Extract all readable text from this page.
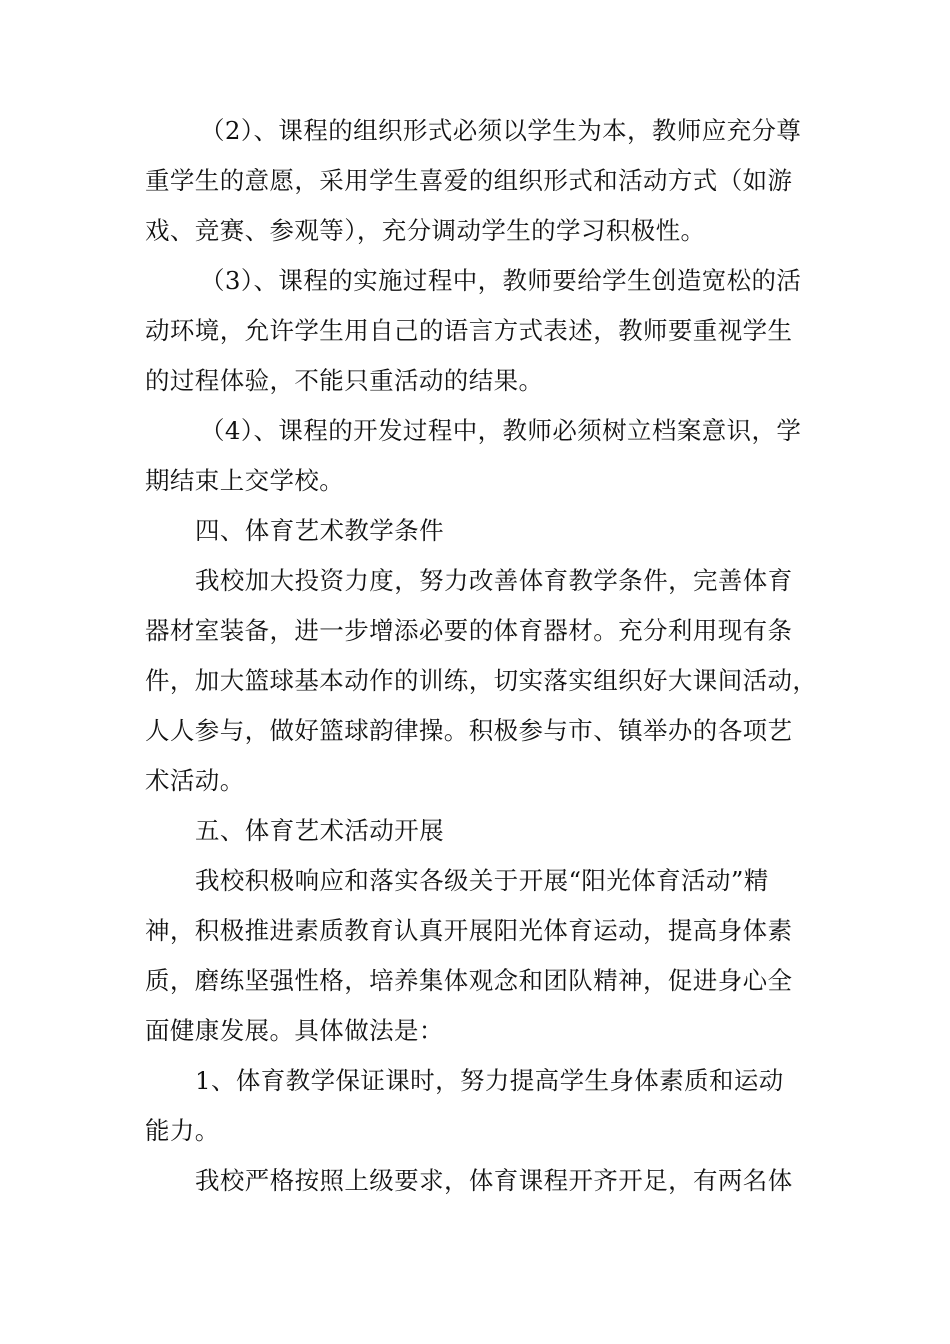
（2）、课程的组织形式必须以学生为本，教师应充分尊
重学生的意愿，采用学生喜爱的组织形式和活动方式（如游
戏、竞赛、参观等），充分调动学生的学习积极性。
（3）、课程的实施过程中，教师要给学生创造宽松的活
动环境，允许学生用自己的语言方式表述，教师要重视学生
的过程体验，不能只重活动的结果。
（4）、课程的开发过程中，教师必须树立档案意识，学
期结束上交学校。
四、体育艺术教学条件
我校加大投资力度，努力改善体育教学条件，完善体育
器材室装备，进一步增添必要的体育器材。充分利用现有条
件，加大篮球基本动作的训练，切实落实组织好大课间活动，
人人参与，做好篮球韵律操。积极参与市、镇举办的各项艺
术活动。
五、体育艺术活动开展
我校积极响应和落实各级关于开展“阳光体育活动”精
神，积极推进素质教育认真开展阳光体育运动，提高身体素
质，磨练坚强性格，培养集体观念和团队精神，促进身心全
面健康发展。具体做法是：
1、体育教学保证课时，努力提高学生身体素质和运动
能力。
我校严格按照上级要求，体育课程开齐开足，有两名体
